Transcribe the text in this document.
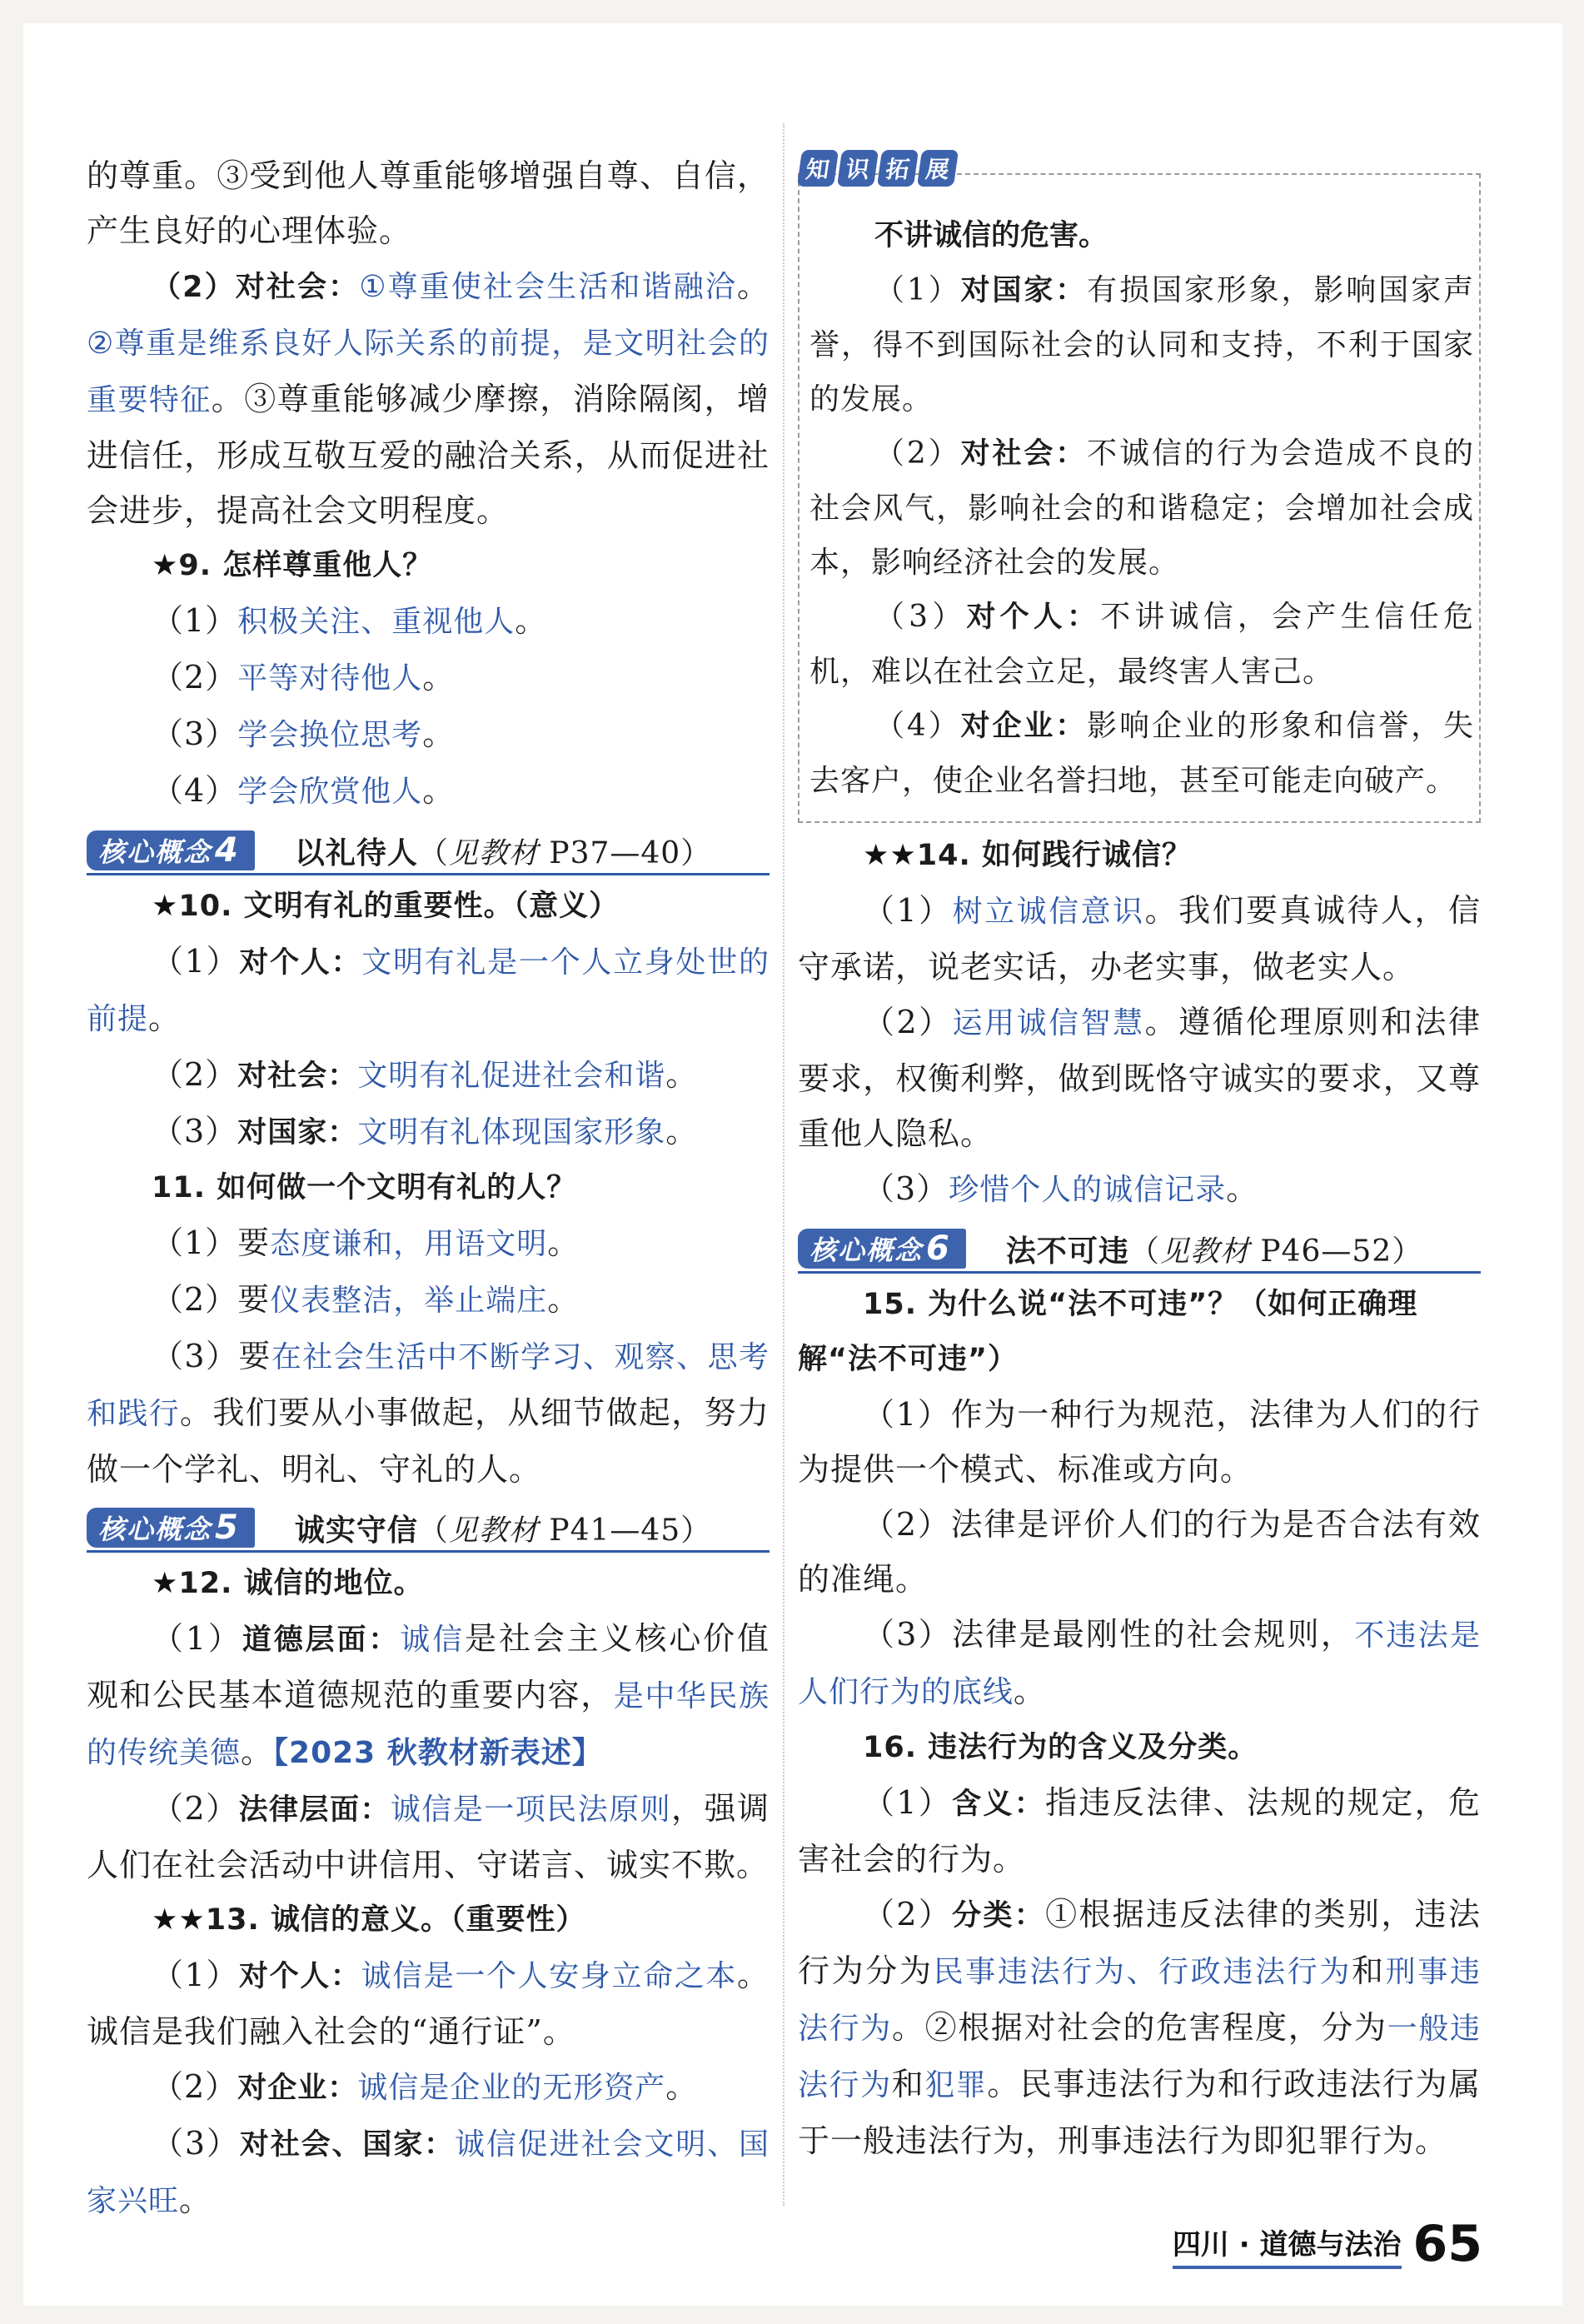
的尊重。③受到他人尊重能够增强自尊、自信，产生良好的心理体验。

（2）对社会：①尊重使社会生活和谐融洽。②尊重是维系良好人际关系的前提，是文明社会的重要特征。③尊重能够减少摩擦，消除隔阂，增进信任，形成互敬互爱的融洽关系，从而促进社会进步，提高社会文明程度。

★9. 怎样尊重他人？

（1）积极关注、重视他人。

（2）平等对待他人。

（3）学会换位思考。

（4）学会欣赏他人。

核心概念 4 以礼待人（见教材 P37—40）

★10. 文明有礼的重要性。（意义）

（1）对个人：文明有礼是一个人立身处世的前提。

（2）对社会：文明有礼促进社会和谐。

（3）对国家：文明有礼体现国家形象。

11. 如何做一个文明有礼的人？

（1）要态度谦和，用语文明。

（2）要仪表整洁，举止端庄。

（3）要在社会生活中不断学习、观察、思考和践行。我们要从小事做起，从细节做起，努力做一个学礼、明礼、守礼的人。

核心概念 5 诚实守信（见教材 P41—45）

★12. 诚信的地位。

（1）道德层面：诚信是社会主义核心价值观和公民基本道德规范的重要内容，是中华民族的传统美德。【2023 秋教材新表述】

（2）法律层面：诚信是一项民法原则，强调人们在社会活动中讲信用、守诺言、诚实不欺。

★★13. 诚信的意义。（重要性）

（1）对个人：诚信是一个人安身立命之本。诚信是我们融入社会的“通行证”。

（2）对企业：诚信是企业的无形资产。

（3）对社会、国家：诚信促进社会文明、国家兴旺。

知 识 拓 展

不讲诚信的危害。

（1）对国家：有损国家形象，影响国家声誉，得不到国际社会的认同和支持，不利于国家的发展。

（2）对社会：不诚信的行为会造成不良的社会风气，影响社会的和谐稳定；会增加社会成本，影响经济社会的发展。

（3）对个人：不讲诚信，会产生信任危机，难以在社会立足，最终害人害己。

（4）对企业：影响企业的形象和信誉，失去客户，使企业名誉扫地，甚至可能走向破产。

★★14. 如何践行诚信？

（1）树立诚信意识。我们要真诚待人，信守承诺，说老实话，办老实事，做老实人。

（2）运用诚信智慧。遵循伦理原则和法律要求，权衡利弊，做到既恪守诚实的要求，又尊重他人隐私。

（3）珍惜个人的诚信记录。

核心概念 6 法不可违（见教材 P46—52）

15. 为什么说“法不可违”？（如何正确理解“法不可违”）

（1）作为一种行为规范，法律为人们的行为提供一个模式、标准或方向。

（2）法律是评价人们的行为是否合法有效的准绳。

（3）法律是最刚性的社会规则，不违法是人们行为的底线。

16. 违法行为的含义及分类。

（1）含义：指违反法律、法规的规定，危害社会的行为。

（2）分类：①根据违反法律的类别，违法行为分为民事违法行为、行政违法行为和刑事违法行为。②根据对社会的危害程度，分为一般违法行为和犯罪。民事违法行为和行政违法行为属于一般违法行为，刑事违法行为即犯罪行为。

四川 · 道德与法治 65
